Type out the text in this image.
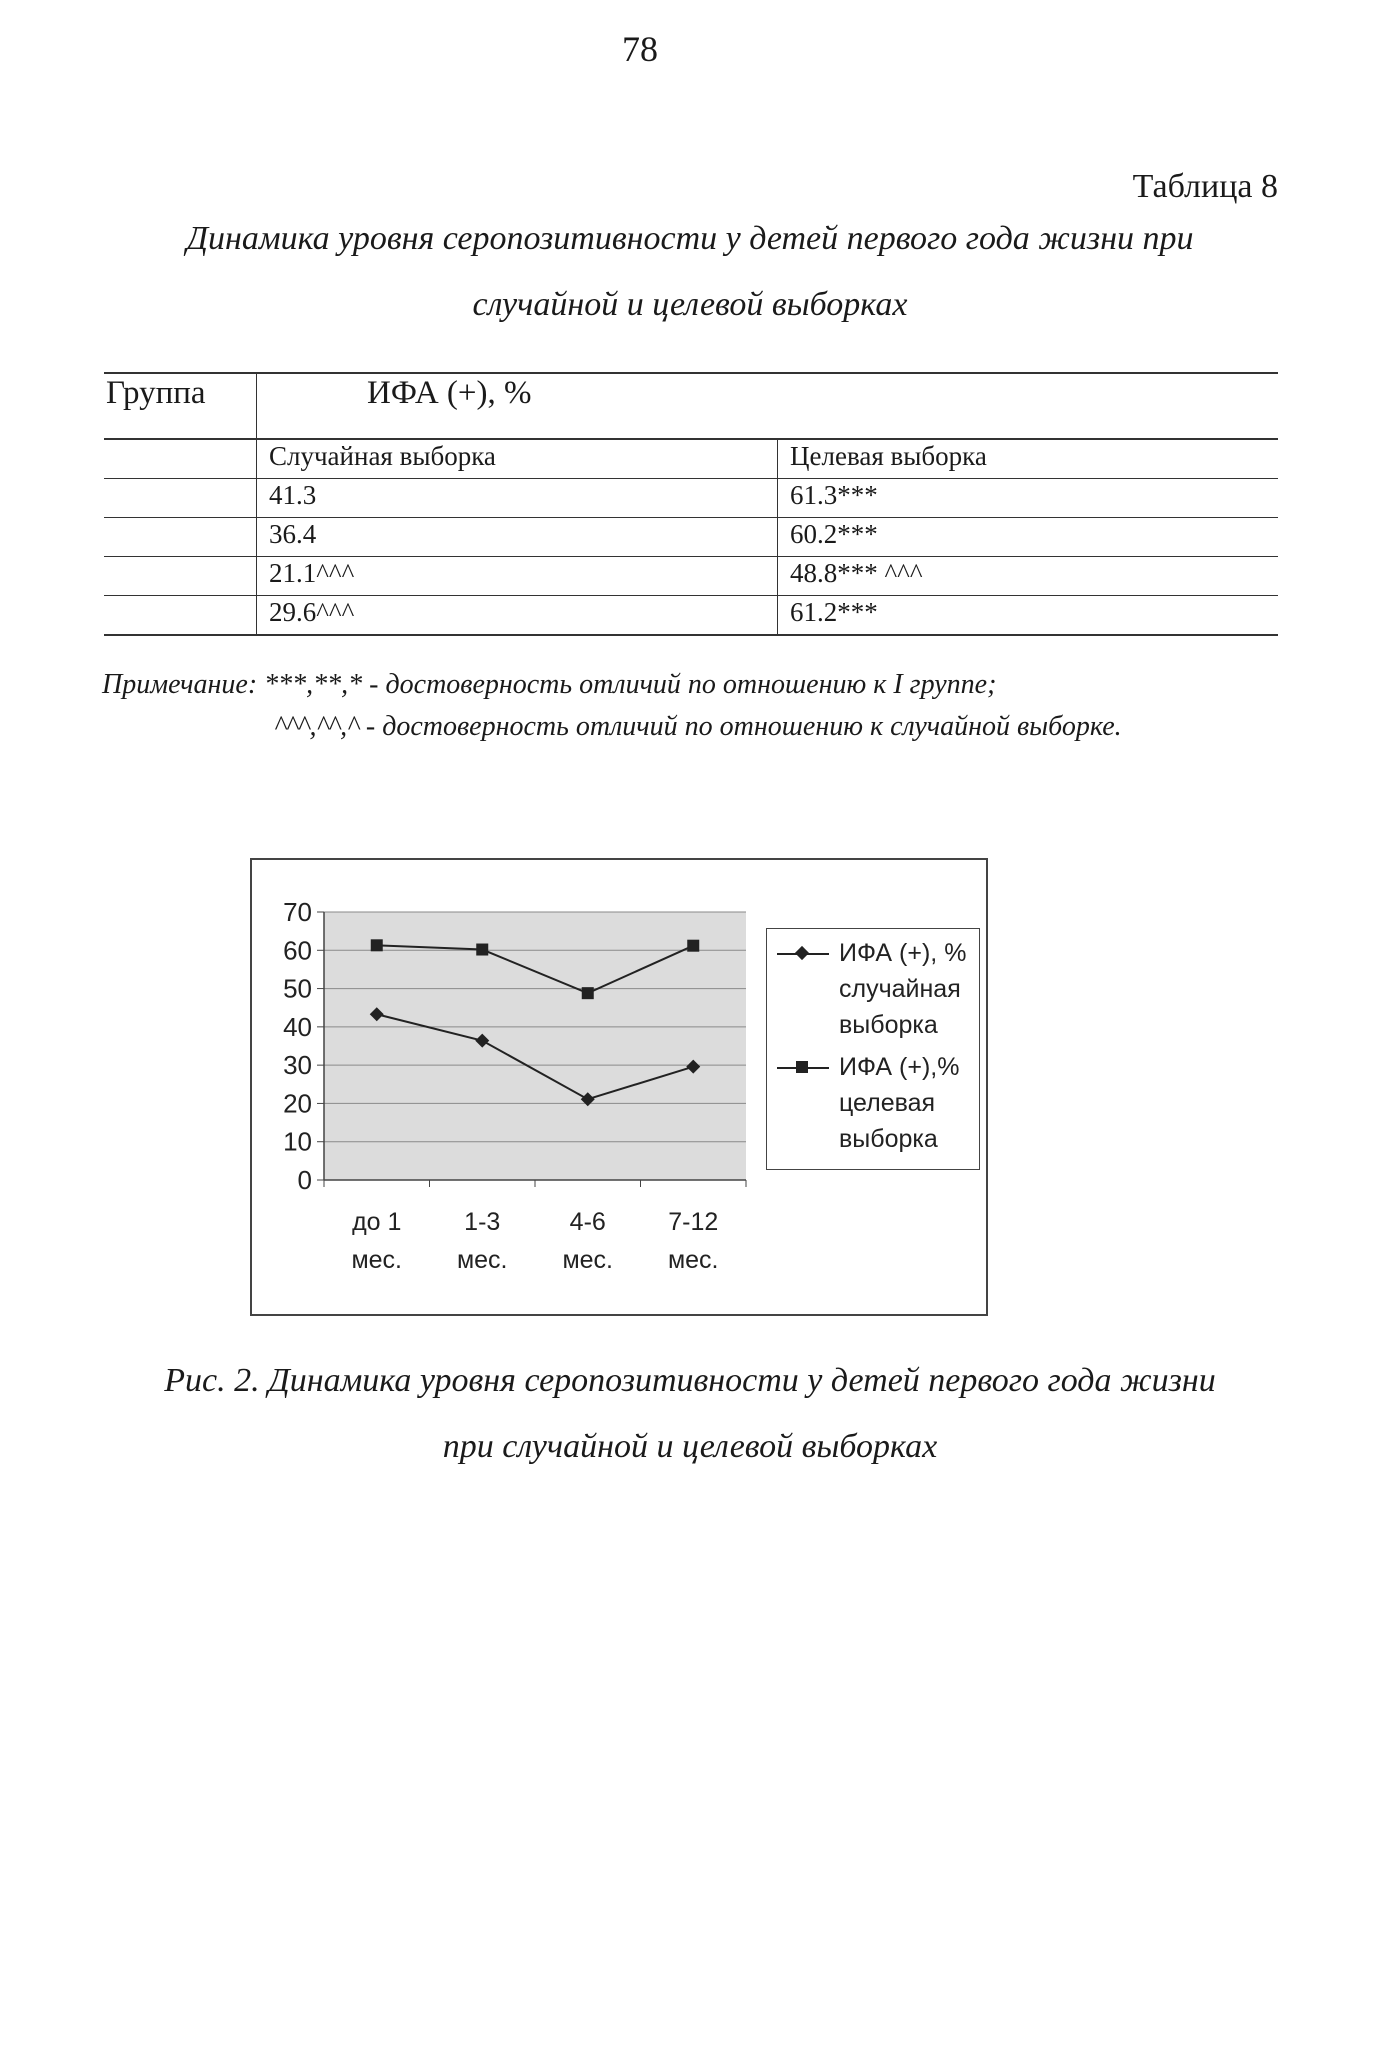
78
Таблица 8
Динамика уровня серопозитивности у детей первого года жизни при
случайной и целевой выборках
Группа	ИФА (+), %	
	Случайная выборка	Целевая выборка
	41.3	61.3***
	36.4	60.2***
	21.1^^^	48.8*** ^^^
	29.6^^^	61.2***
Примечание: ***,**,* - достоверность отличий по отношению к I группе;
^^^,^^,^ - достоверность отличий по отношению к случайной выборке.
0
10
20
30
40
50
60
70
до 1
мес.
1-3
мес.
4-6
мес.
7-12
мес.
ИФА (+), %
случайная
выборка
ИФА (+),%
целевая
выборка
Рис. 2. Динамика уровня серопозитивности у детей первого года жизни
при случайной и целевой выборках
